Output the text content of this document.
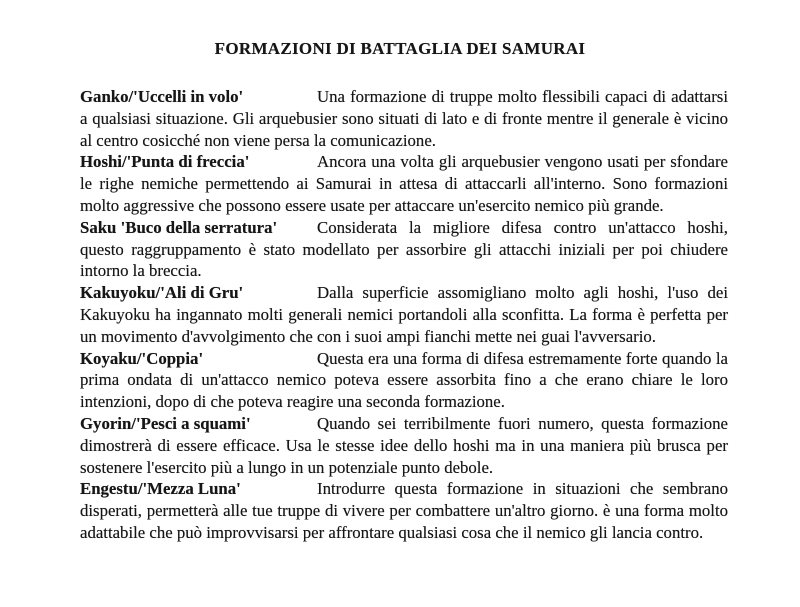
FORMAZIONI DI BATTAGLIA DEI SAMURAI

Ganko/'Uccelli in volo'	Una formazione di truppe molto flessibili capaci di adattarsi a qualsiasi situazione. Gli arquebusier sono situati di lato e di fronte mentre il generale è vicino al centro cosicché non viene persa la comunicazione.

Hoshi/'Punta di freccia'	Ancora una volta gli arquebusier vengono usati per sfondare le righe nemiche permettendo ai Samurai in attesa di attaccarli all'interno. Sono formazioni molto aggressive che possono essere usate per attaccare un'esercito nemico più grande.

Saku 'Buco della serratura' Considerata la migliore difesa contro un'attacco hoshi, questo raggruppamento è stato modellato per assorbire gli attacchi iniziali per poi chiudere intorno la breccia.

Kakuyoku/'Ali di Gru'	Dalla superficie assomigliano molto agli hoshi, l'uso dei Kakuyoku ha ingannato molti generali nemici portandoli alla sconfitta. La forma è perfetta per un movimento d'avvolgimento che con i suoi ampi fianchi mette nei guai l'avversario.

Koyaku/'Coppia'	Questa era una forma di difesa estremamente forte quando la prima ondata di un'attacco nemico poteva essere assorbita fino a che erano chiare le loro intenzioni, dopo di che poteva reagire una seconda formazione.

Gyorin/'Pesci a squami'	Quando sei terribilmente fuori numero, questa formazione dimostrerà di essere efficace. Usa le stesse idee dello hoshi ma in una maniera più brusca per sostenere l'esercito più a lungo in un potenziale punto debole.

Engestu/'Mezza Luna'	Introdurre questa formazione in situazioni che sembrano disperati, permetterà alle tue truppe di vivere per combattere un'altro giorno. è una forma molto adattabile che può improvvisarsi per affrontare qualsiasi cosa che il nemico gli lancia contro.
